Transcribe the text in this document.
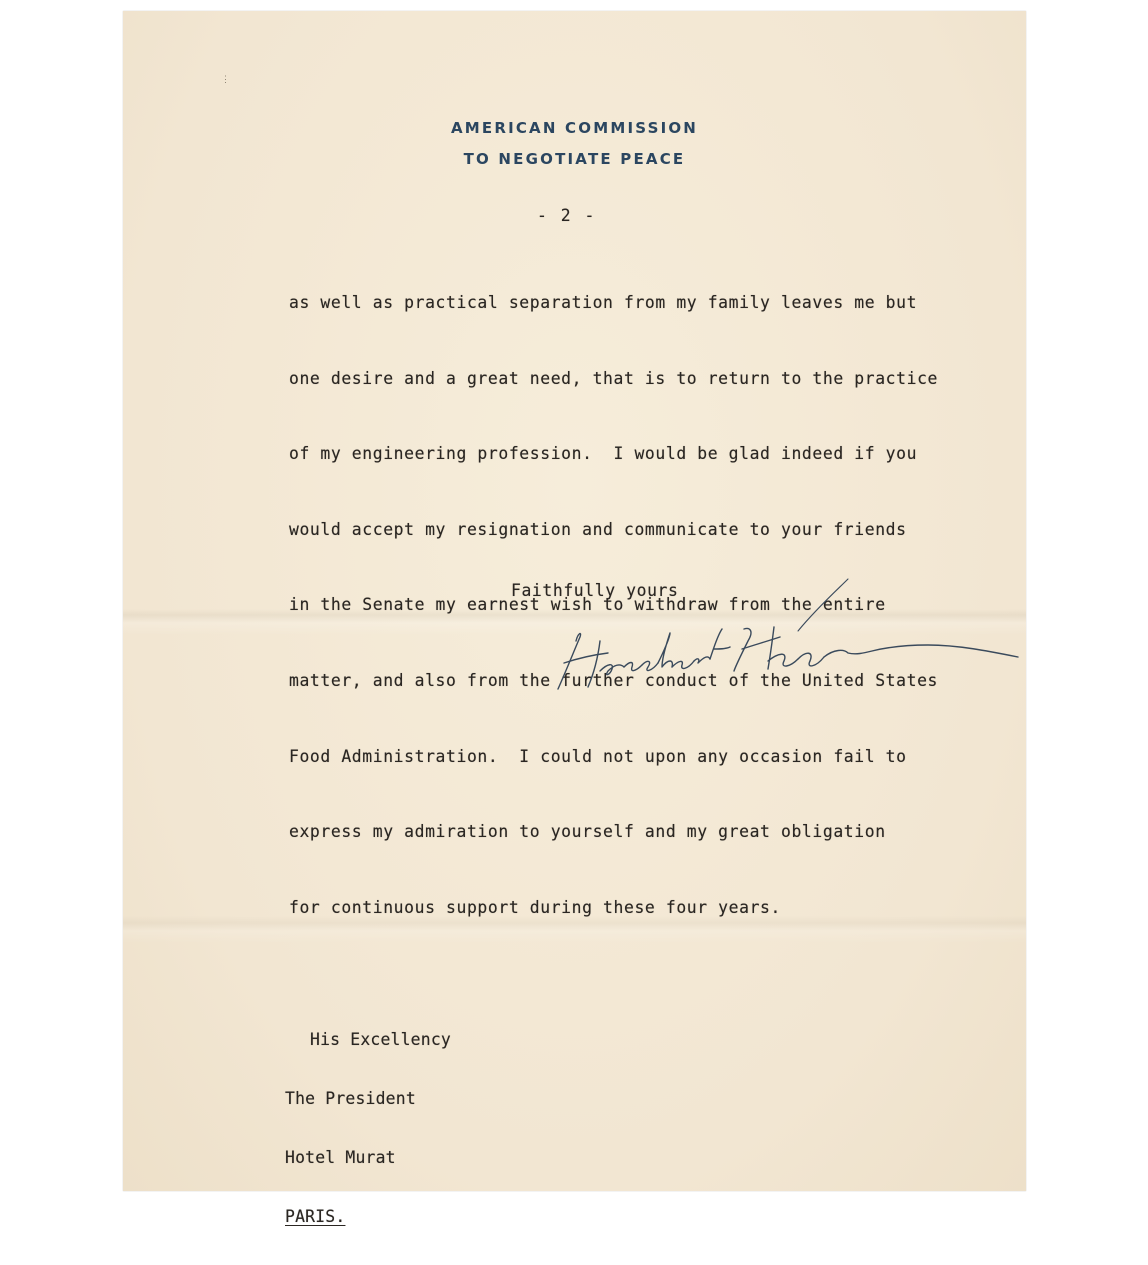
⋮

AMERICAN COMMISSION

TO NEGOTIATE PEACE

- 2 -

as well as practical separation from my family leaves me but

one desire and a great need, that is to return to the practice

of my engineering profession.  I would be glad indeed if you

would accept my resignation and communicate to your friends

in the Senate my earnest wish to withdraw from the entire

matter, and also from the further conduct of the United States

Food Administration.  I could not upon any occasion fail to

express my admiration to yourself and my great obligation

for continuous support during these four years.

Faithfully yours

His Excellency

The President

Hotel Murat

PARIS.
